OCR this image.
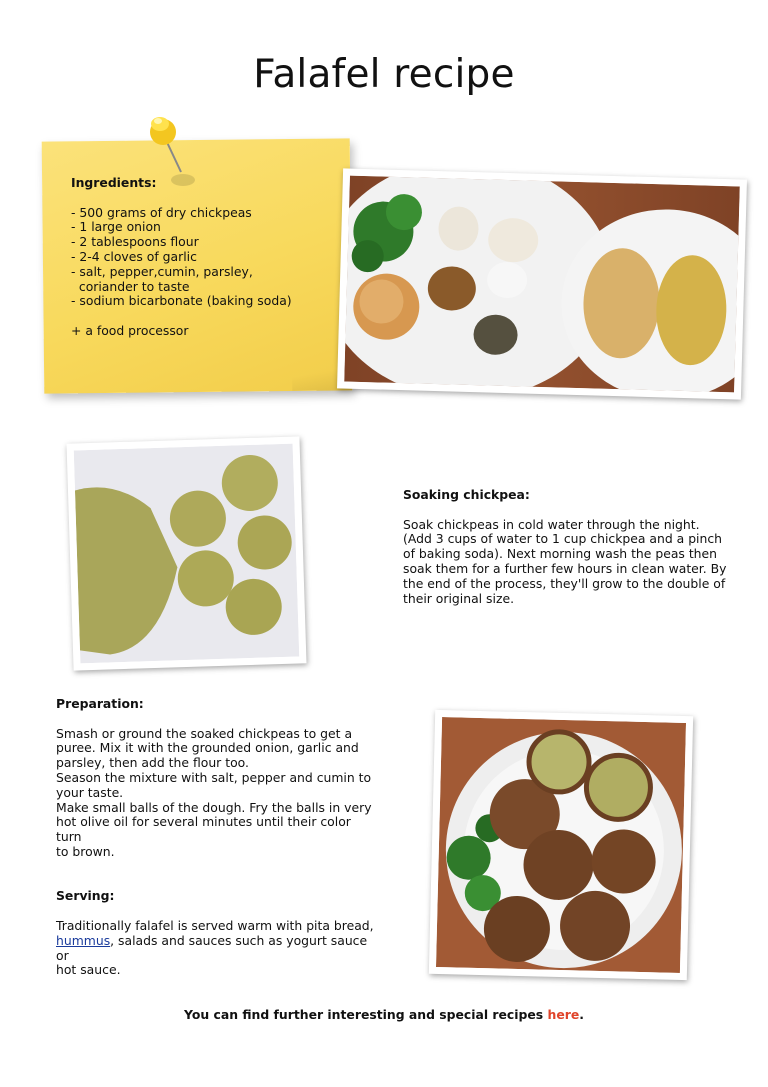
Falafel recipe
Ingredients:
- 500 grams of dry chickpeas
- 1 large onion
- 2 tablespoons flour
- 2-4 cloves of garlic
- salt, pepper,cumin, parsley,
coriander to taste
- sodium bicarbonate (baking soda)
+ a food processor

Soaking chickpea:

Soak chickpeas in cold water through the night.

(Add 3 cups of water to 1 cup chickpea and a pinch

of baking soda). Next morning wash the peas then

soak them for a further few hours in clean water. By

the end of the process, they'll grow to the double of

their original size.

Preparation:

Smash or ground the soaked chickpeas to get a

puree. Mix it with the grounded onion, garlic and

parsley, then add the flour too.

Season the mixture with salt, pepper and cumin to

your taste.

Make small balls of the dough. Fry the balls in very

hot olive oil for several minutes until their color turn

to brown.

Serving:

Traditionally falafel is served warm with pita bread,

hummus, salads and sauces such as yogurt sauce or

hot sauce.

You can find further interesting and special recipes here.
